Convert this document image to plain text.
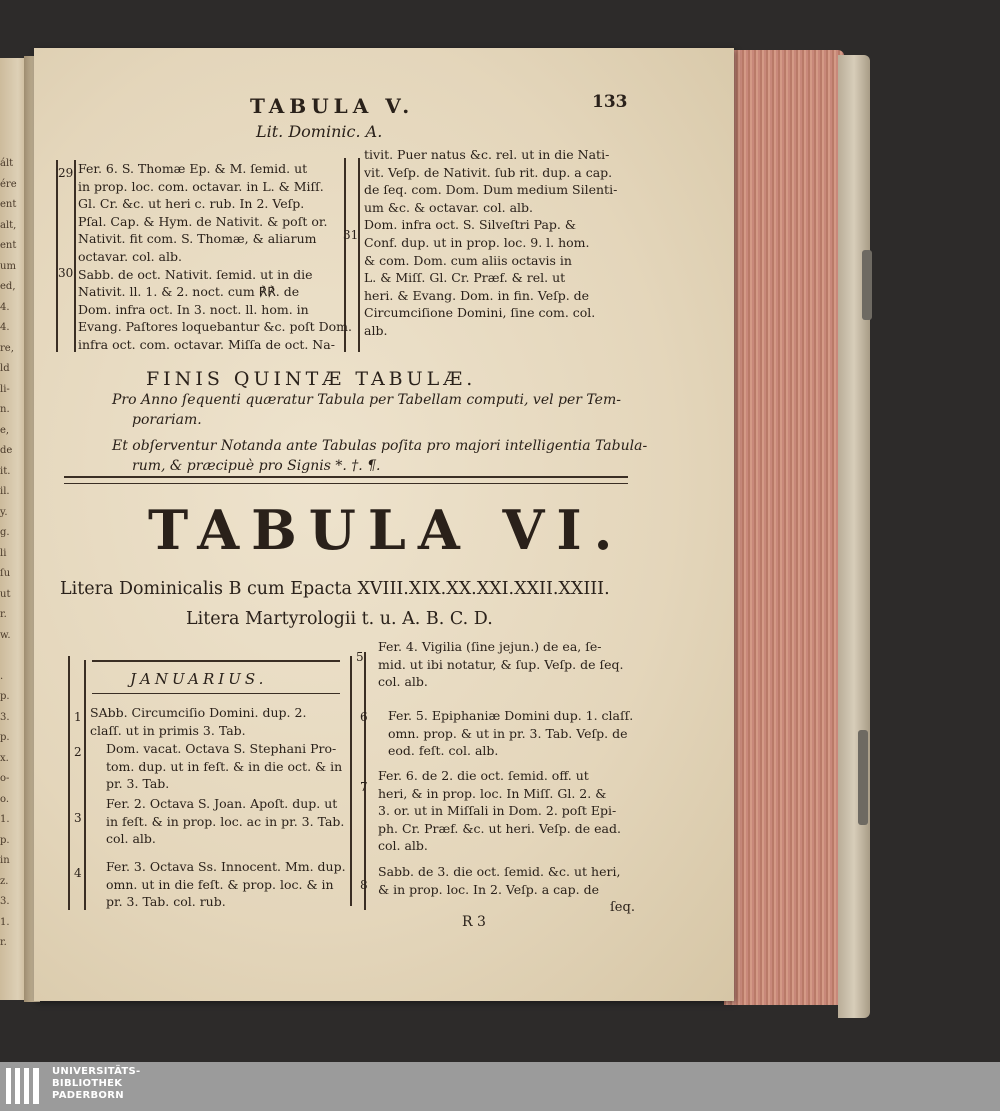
ált
ére
ent
alt,
ent
um
ed,
4.
4.
re,
ld
li-
n.
e,
de
it.
il.
y.
g.
li
ſu
ut
r.
w.
.
p.
3.
p.
x.
o-
o.
1.
p.
in
z.
3.
1.
r.
TABULA V.	133
Lit. Dominic. A.
29
30
31
Fer. 6. S. Thomæ Ep. & M. ſemid. ut
in prop. loc. com. octavar. in L. & Miſſ.
Gl. Cr. &c. ut heri c. rub. In 2. Veſp.
Pſal. Cap. & Hym. de Nativit. & poſt or.
Nativit. fit com. S. Thomæ, & aliarum
octavar. col. alb.
Sabb. de oct. Nativit. ſemid. ut in die
Nativit. ll. 1. & 2. noct. cum ℟℟. de
Dom. infra oct. In 3. noct. ll. hom. in
Evang. Paſtores loquebantur &c. poſt Dom.
infra oct. com. octavar. Miſſa de oct. Na-
tivit. Puer natus &c. rel. ut in die Nati-
vit. Veſp. de Nativit. ſub rit. dup. a cap.
de ſeq. com. Dom. Dum medium Silenti-
um &c. & octavar. col. alb.
Dom. infra oct. S. Silveſtri Pap. &
Conf. dup. ut in prop. loc. 9. l. hom.
& com. Dom. cum aliis octavis in
L. & Miſſ. Gl. Cr. Præf. & rel. ut
heri. & Evang. Dom. in fin. Veſp. de
Circumciſione Domini, ſine com. col.
alb.
FINIS QUINTÆ TABULÆ.
Pro Anno ſequenti quæratur Tabula per Tabellam computi, vel per Tem-
porariam.
Et obſerventur Notanda ante Tabulas poſita pro majori intelligentia Tabula-
rum, & præcipuè pro Signis *. †. ¶.
TABULA VI.
Litera Dominicalis B cum Epacta XVIII.XIX.XX.XXI.XXII.XXIII.
Litera Martyrologii t. u. A. B. C. D.
JANUARIUS.
1
2
3
4
SAbb. Circumciſio Domini. dup. 2.
claſſ. ut in primis 3. Tab.
Dom. vacat. Octava S. Stephani Pro-
tom. dup. ut in feſt. & in die oct. & in
pr. 3. Tab.
Fer. 2. Octava S. Joan. Apoſt. dup. ut
in feſt. & in prop. loc. ac in pr. 3. Tab.
col. alb.
Fer. 3. Octava Ss. Innocent. Mm. dup.
omn. ut in die feſt. & prop. loc. & in
pr. 3. Tab. col. rub.
5
6
7
8
Fer. 4. Vigilia (ſine jejun.) de ea, ſe-
mid. ut ibi notatur, & ſup. Veſp. de ſeq.
col. alb.
Fer. 5. Epiphaniæ Domini dup. 1. claſſ.
omn. prop. & ut in pr. 3. Tab. Veſp. de
eod. feſt. col. alb.
Fer. 6. de 2. die oct. ſemid. off. ut
heri, & in prop. loc. In Miſſ. Gl. 2. &
3. or. ut in Miſſali in Dom. 2. poſt Epi-
ph. Cr. Præf. &c. ut heri. Veſp. de ead.
col. alb.
Sabb. de 3. die oct. ſemid. &c. ut heri,
& in prop. loc. In 2. Veſp. a cap. de
R 3
ſeq.
UNIVERSITÄTS-
BIBLIOTHEK
PADERBORN
